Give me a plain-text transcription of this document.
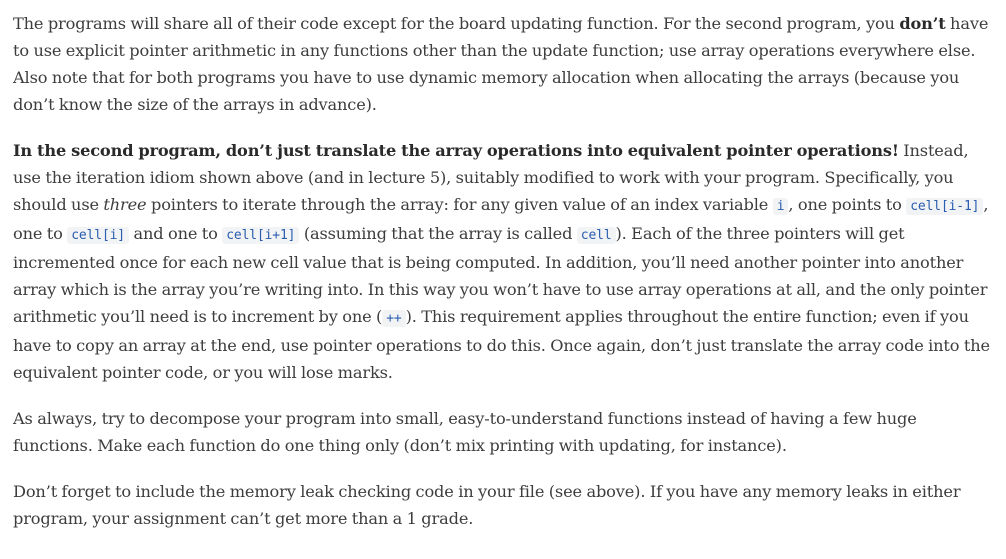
The programs will share all of their code except for the board updating function. For the second program, you don’t have to use explicit pointer arithmetic in any functions other than the update function; use array operations everywhere else. Also note that for both programs you have to use dynamic memory allocation when allocating the arrays (because you don’t know the size of the arrays in advance).

In the second program, don’t just translate the array operations into equivalent pointer operations! Instead, use the iteration idiom shown above (and in lecture 5), suitably modified to work with your program. Specifically, you should use three pointers to iterate through the array: for any given value of an index variable i , one points to cell[i-1] , one to cell[i] and one to cell[i+1] (assuming that the array is called cell ). Each of the three pointers will get incremented once for each new cell value that is being computed. In addition, you’ll need another pointer into another array which is the array you’re writing into. In this way you won’t have to use array operations at all, and the only pointer arithmetic you’ll need is to increment by one ( ++ ). This requirement applies throughout the entire function; even if you have to copy an array at the end, use pointer operations to do this. Once again, don’t just translate the array code into the equivalent pointer code, or you will lose marks.

As always, try to decompose your program into small, easy-to-understand functions instead of having a few huge functions. Make each function do one thing only (don’t mix printing with updating, for instance).

Don’t forget to include the memory leak checking code in your file (see above). If you have any memory leaks in either program, your assignment can’t get more than a 1 grade.
